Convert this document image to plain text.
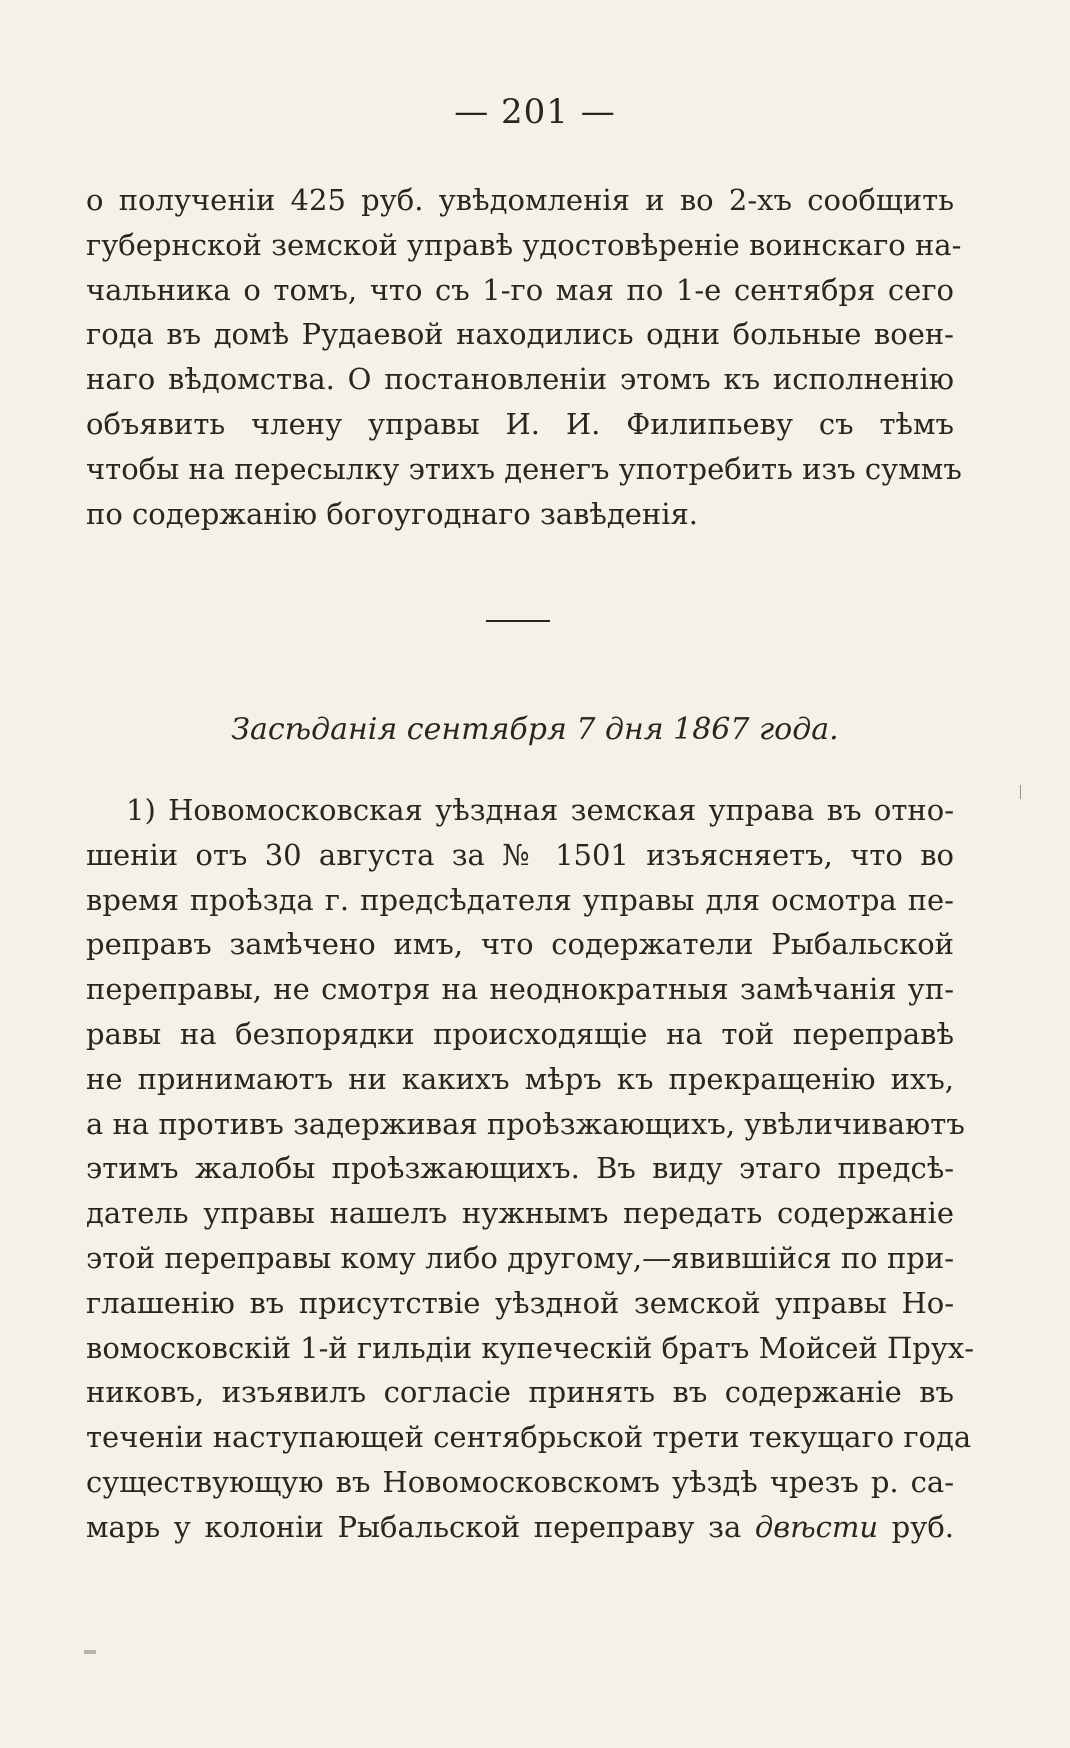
— 201 —
о полученіи 425 руб. увѣдомленія и во 2-хъ сообщить
губернской земской управѣ удостовѣреніе воинскаго на-
чальника о томъ, что съ 1-го мая по 1-е сентября сего
года въ домѣ Рудаевой находились одни больные воен-
наго вѣдомства. О постановленіи этомъ къ исполненію
объявить члену управы И. И. Филипьеву съ тѣмъ
чтобы на пересылку этихъ денегъ употребить изъ суммъ
по содержанію богоугоднаго завѣденія.
Засѣданія сентября 7 дня 1867 года.
1) Новомосковская уѣздная земская управа въ отно-
шеніи отъ 30 августа за № 1501 изъясняетъ, что во
время проѣзда г. предсѣдателя управы для осмотра пе-
реправъ замѣчено имъ, что содержатели Рыбальской
переправы, не смотря на неоднократныя замѣчанія уп-
равы на безпорядки происходящіе на той переправѣ
не принимаютъ ни какихъ мѣръ къ прекращенію ихъ,
а на противъ задерживая проѣзжающихъ, увѣличиваютъ
этимъ жалобы проѣзжающихъ. Въ виду этаго предсѣ-
датель управы нашелъ нужнымъ передать содержаніе
этой переправы кому либо другому,—явившійся по при-
глашенію въ присутствіе уѣздной земской управы Но-
вомосковскій 1-й гильдіи купеческій братъ Мойсей Прух-
никовъ, изъявилъ согласіе принять въ содержаніе въ
теченіи наступающей сентябрьской трети текущаго года
существующую въ Новомосковскомъ уѣздѣ чрезъ р. са-
марь у колоніи Рыбальской переправу за двѣсти руб.
